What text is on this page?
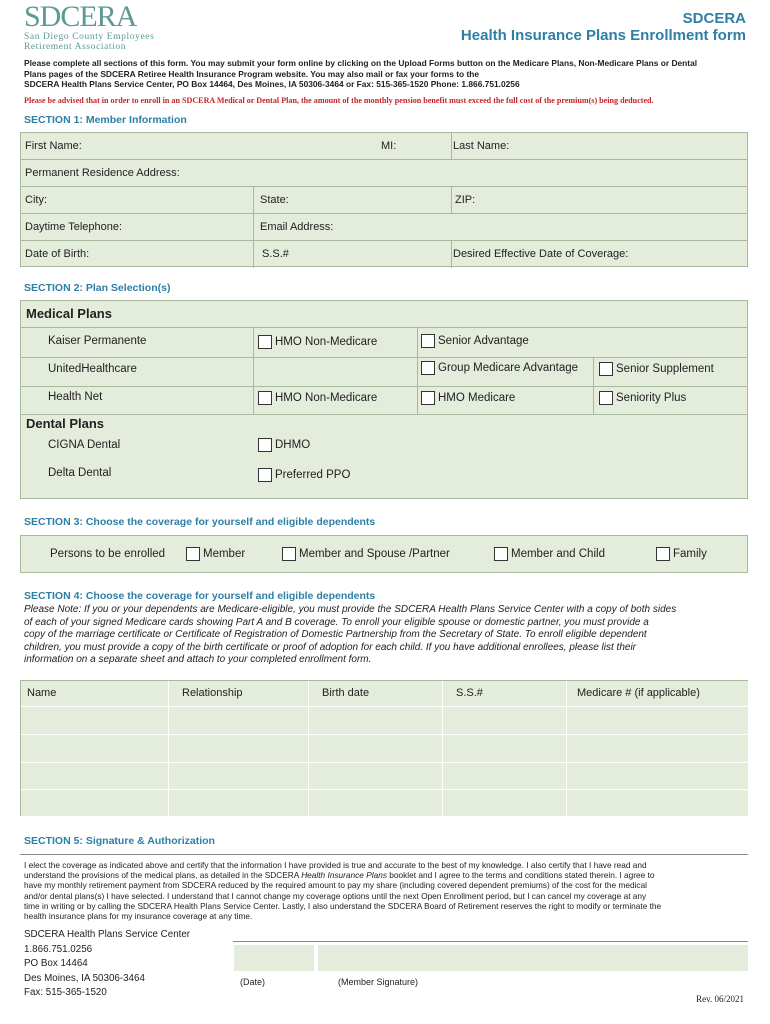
SDCERA
San Diego County Employees
Retirement Association
SDCERA
Health Insurance Plans Enrollment form
Please complete all sections of this form. You may submit your form online by clicking on the Upload Forms button on the Medicare Plans, Non-Medicare Plans or Dental
Plans pages of the SDCERA Retiree Health Insurance Program website. You may also mail or fax your forms to the
SDCERA Health Plans Service Center, PO Box 14464, Des Moines, IA 50306-3464 or Fax: 515-365-1520 Phone: 1.866.751.0256
Please be advised that in order to enroll in an SDCERA Medical or Dental Plan, the amount of the monthly pension benefit must exceed the full cost of the premium(s) being deducted.
SECTION 1: Member Information
First Name:	MI:	Last Name:
Permanent Residence Address:
City:	State:	ZIP:
Daytime Telephone:	Email Address:
Date of Birth:	S.S.#	Desired Effective Date of Coverage:
SECTION 2: Plan Selection(s)
Medical Plans
Kaiser Permanente	HMO Non-Medicare	Senior Advantage
UnitedHealthcare	Group Medicare Advantage	Senior Supplement
Health Net	HMO Non-Medicare	HMO Medicare	Seniority Plus
Dental Plans
CIGNA Dental	DHMO
Delta Dental	Preferred PPO
SECTION 3: Choose the coverage for yourself and eligible dependents
Persons to be enrolled	Member	Member and Spouse /Partner	Member and Child	Family
SECTION 4: Choose the coverage for yourself and eligible dependents
Please Note: If you or your dependents are Medicare-eligible, you must provide the SDCERA Health Plans Service Center with a copy of both sides
of each of your signed Medicare cards showing Part A and B coverage. To enroll your eligible spouse or domestic partner, you must provide a
copy of the marriage certificate or Certificate of Registration of Domestic Partnership from the Secretary of State. To enroll eligible dependent
children, you must provide a copy of the birth certificate or proof of adoption for each child. If you have additional enrollees, please list their
information on a separate sheet and attach to your completed enrollment form.
Name	Relationship	Birth date	S.S.#	Medicare # (if applicable)
SECTION 5: Signature & Authorization
I elect the coverage as indicated above and certify that the information I have provided is true and accurate to the best of my knowledge. I also certify that I have read and
understand the provisions of the medical plans, as detailed in the SDCERA Health Insurance Plans booklet and I agree to the terms and conditions stated therein. I agree to
have my monthly retirement payment from SDCERA reduced by the required amount to pay my share (including covered dependent premiums) of the cost for the medical
and/or dental plans(s) I have selected. I understand that I cannot change my coverage options until the next Open Enrollment period, but I can cancel my coverage at any
time in writing or by calling the SDCERA Health Plans Service Center. Lastly, I also understand the SDCERA Board of Retirement reserves the right to modify or terminate the
health insurance plans for my insurance coverage at any time.
SDCERA Health Plans Service Center
1.866.751.0256
PO Box 14464
Des Moines, IA 50306-3464
Fax: 515-365-1520
(Date)	(Member Signature)
Rev. 06/2021
